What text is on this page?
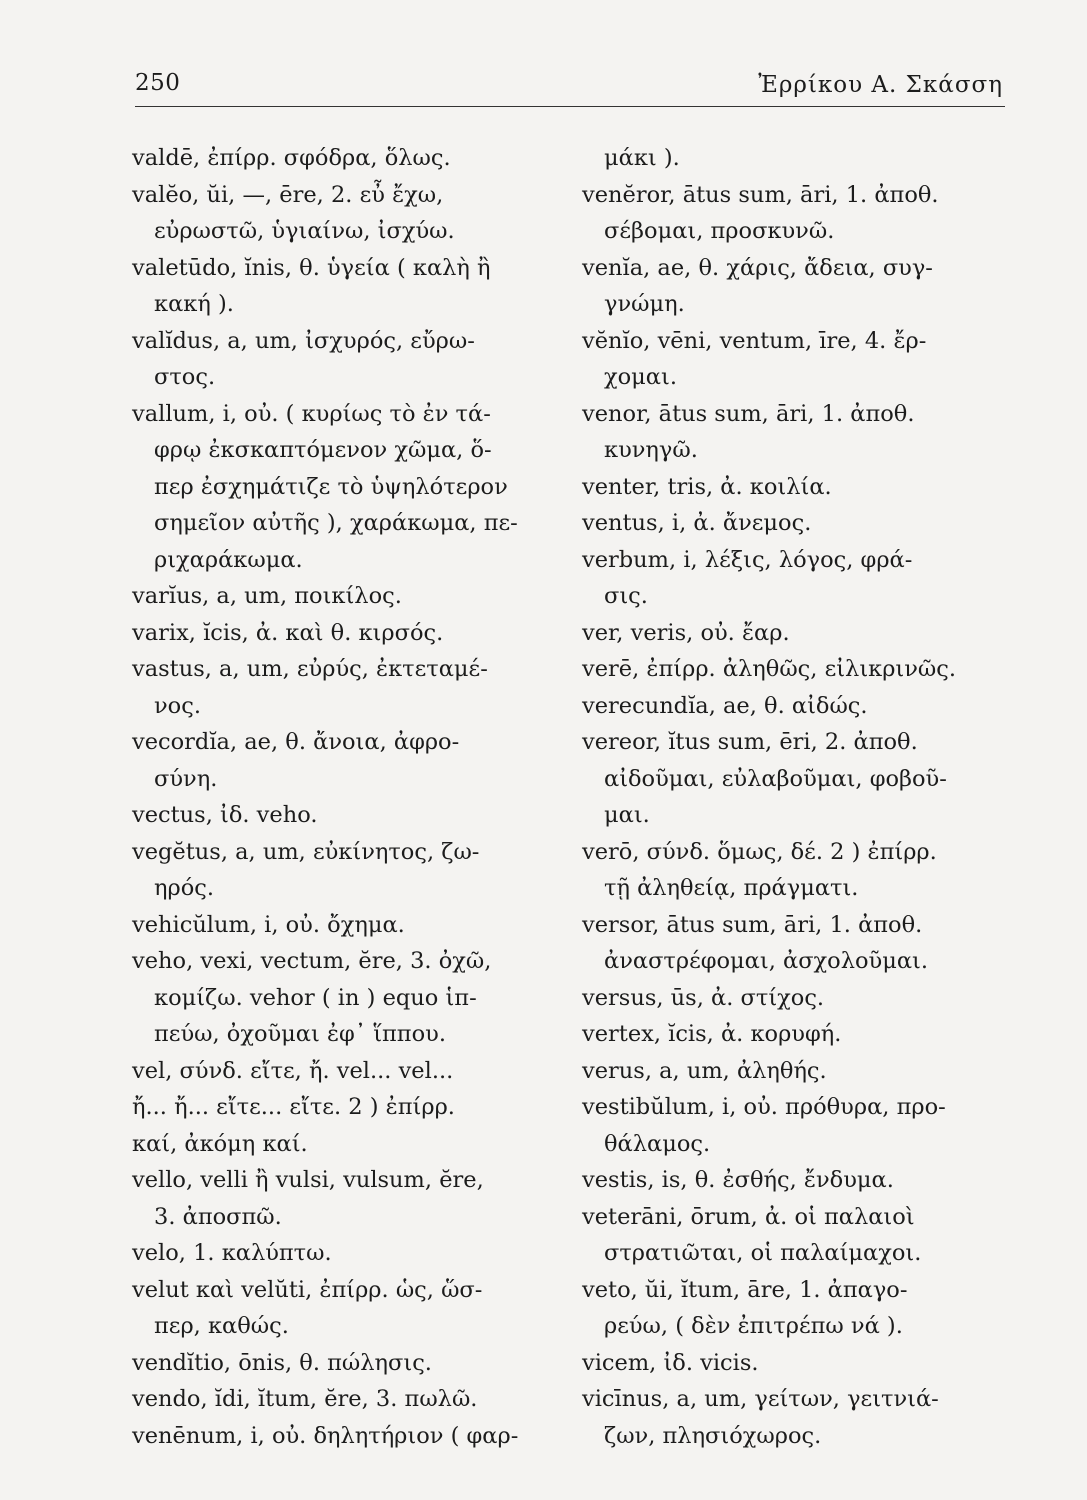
250	Ἐρρίκου Α. Σκάσση
valdē, ἐπίρρ. σφόδρα, ὅλως.
valĕo, ŭi, —, ēre, 2. εὖ ἔχω,
εὐρωστῶ, ὑγιαίνω, ἰσχύω.
valetūdo, ĭnis, θ. ὑγεία ( καλὴ ἢ
κακή ).
valĭdus, a, um, ἰσχυρός, εὔρω-
στος.
vallum, i, οὐ. ( κυρίως τὸ ἐν τά-
φρῳ ἐκσκαπτόμενον χῶμα, ὅ-
περ ἐσχημάτιζε τὸ ὑψηλότερον
σημεῖον αὐτῆς ), χαράκωμα, πε-
ριχαράκωμα.
varĭus, a, um, ποικίλος.
varix, ĭcis, ἀ. καὶ θ. κιρσός.
vastus, a, um, εὐρύς, ἐκτεταμέ-
νος.
vecordĭa, ae, θ. ἄνοια, ἀφρο-
σύνη.
vectus, ἰδ. veho.
vegĕtus, a, um, εὐκίνητος, ζω-
ηρός.
vehicŭlum, i, οὐ. ὄχημα.
veho, vexi, vectum, ĕre, 3. ὀχῶ,
κομίζω. vehor ( in ) equo ἱπ-
πεύω, ὀχοῦμαι ἐφ᾽ ἵππου.
vel, σύνδ. εἴτε, ἤ. vel... vel...
ἤ... ἤ... εἴτε... εἴτε. 2 ) ἐπίρρ.
καί, ἀκόμη καί.
vello, velli ἢ vulsi, vulsum, ĕre,
3. ἀποσπῶ.
velo, 1. καλύπτω.
velut καὶ velŭti, ἐπίρρ. ὡς, ὥσ-
περ, καθώς.
vendĭtio, ōnis, θ. πώλησις.
vendo, ĭdi, ĭtum, ĕre, 3. πωλῶ.
venēnum, i, οὐ. δηλητήριον ( φαρ-
μάκι ).
venĕror, ātus sum, āri, 1. ἀποθ.
σέβομαι, προσκυνῶ.
venĭa, ae, θ. χάρις, ἄδεια, συγ-
γνώμη.
vĕnĭo, vēni, ventum, īre, 4. ἔρ-
χομαι.
venor, ātus sum, āri, 1. ἀποθ.
κυνηγῶ.
venter, tris, ἀ. κοιλία.
ventus, i, ἀ. ἄνεμος.
verbum, i, λέξις, λόγος, φρά-
σις.
ver, veris, οὐ. ἔαρ.
verē, ἐπίρρ. ἀληθῶς, εἰλικρινῶς.
verecundĭa, ae, θ. αἰδώς.
vereor, ĭtus sum, ēri, 2. ἀποθ.
αἰδοῦμαι, εὐλαβοῦμαι, φοβοῦ-
μαι.
verō, σύνδ. ὅμως, δέ. 2 ) ἐπίρρ.
τῇ ἀληθείᾳ, πράγματι.
versor, ātus sum, āri, 1. ἀποθ.
ἀναστρέφομαι, ἀσχολοῦμαι.
versus, ūs, ἀ. στίχος.
vertex, ĭcis, ἀ. κορυφή.
verus, a, um, ἀληθής.
vestibŭlum, i, οὐ. πρόθυρα, προ-
θάλαμος.
vestis, is, θ. ἐσθής, ἔνδυμα.
veterāni, ōrum, ἀ. οἱ παλαιοὶ
στρατιῶται, οἱ παλαίμαχοι.
veto, ŭi, ĭtum, āre, 1. ἀπαγο-
ρεύω, ( δὲν ἐπιτρέπω νά ).
vicem, ἰδ. vicis.
vicīnus, a, um, γείτων, γειτνιά-
ζων, πλησιόχωρος.
